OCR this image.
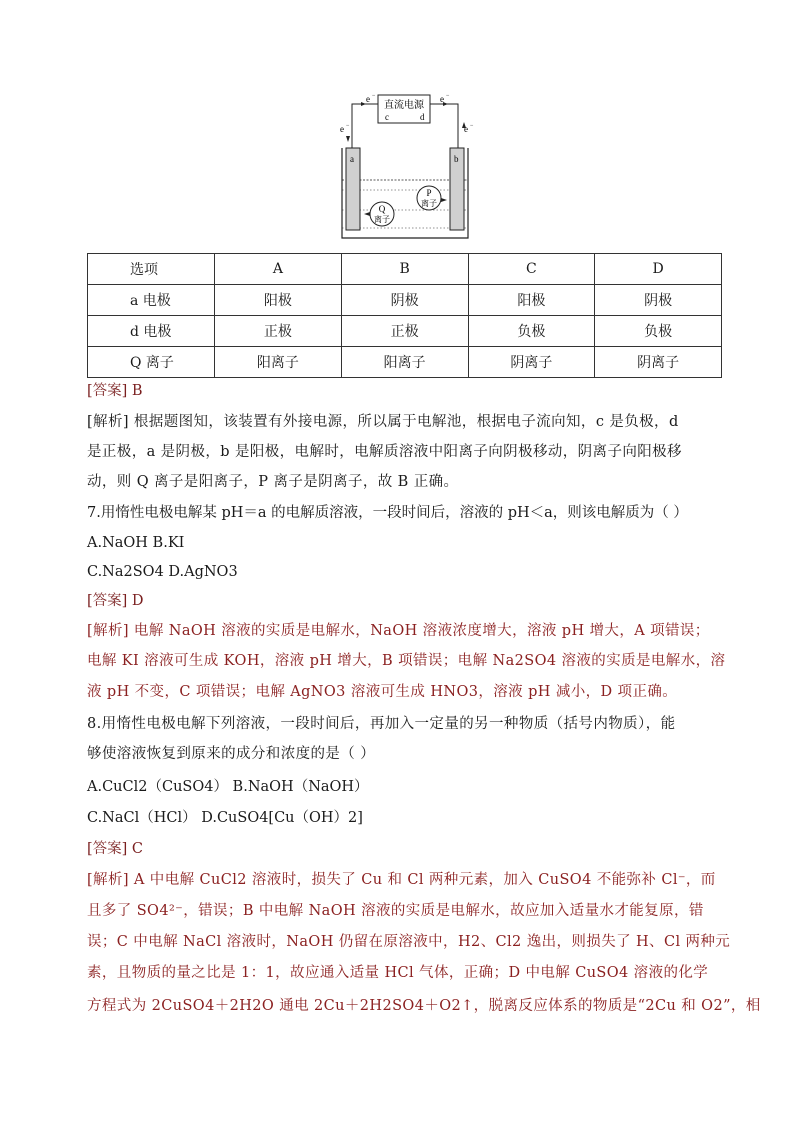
直流电源
c	d
e −	e −
e −	e −
a	b
Q
离子
P
离子
选项	A	B	C	D
a 电极	阳极	阴极	阳极	阴极
d 电极	正极	正极	负极	负极
Q 离子	阳离子	阳离子	阴离子	阴离子
[答案] B
[解析] 根据题图知，该装置有外接电源，所以属于电解池，根据电子流向知，c 是负极，d
是正极，a 是阴极，b 是阳极，电解时，电解质溶液中阳离子向阴极移动，阴离子向阳极移
动，则 Q 离子是阳离子，P 离子是阴离子，故 B 正确。
7.用惰性电极电解某 pH＝a 的电解质溶液，一段时间后，溶液的 pH＜a，则该电解质为（ ）
A.NaOH B.KI
C.Na2SO4 D.AgNO3
[答案] D
[解析] 电解 NaOH 溶液的实质是电解水，NaOH 溶液浓度增大，溶液 pH 增大，A 项错误；
电解 KI 溶液可生成 KOH，溶液 pH 增大，B 项错误；电解 Na2SO4 溶液的实质是电解水，溶
液 pH 不变，C 项错误；电解 AgNO3 溶液可生成 HNO3，溶液 pH 减小，D 项正确。
8.用惰性电极电解下列溶液，一段时间后，再加入一定量的另一种物质（括号内物质），能
够使溶液恢复到原来的成分和浓度的是（ ）
A.CuCl2（CuSO4） B.NaOH（NaOH）
C.NaCl（HCl） D.CuSO4[Cu（OH）2]
[答案] C
[解析] A 中电解 CuCl2 溶液时，损失了 Cu 和 Cl 两种元素，加入 CuSO4 不能弥补 Cl⁻，而
且多了 SO4²⁻，错误；B 中电解 NaOH 溶液的实质是电解水，故应加入适量水才能复原，错
误；C 中电解 NaCl 溶液时，NaOH 仍留在原溶液中，H2、Cl2 逸出，则损失了 H、Cl 两种元
素，且物质的量之比是 1：1，故应通入适量 HCl 气体，正确；D 中电解 CuSO4 溶液的化学
方程式为 2CuSO4＋2H2O 通电 2Cu＋2H2SO4＋O2↑，脱离反应体系的物质是“2Cu 和 O2”，相
